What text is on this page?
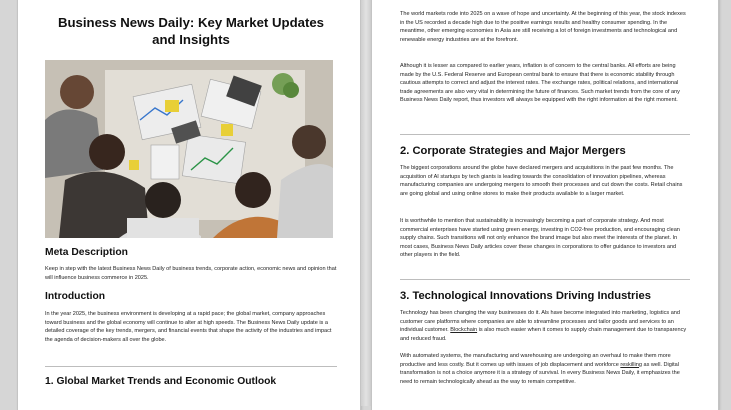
Business News Daily: Key Market Updates and Insights
Meta Description
Keep in step with the latest Business News Daily of business trends, corporate action, economic news and opinion that will influence business commerce in 2025.
Introduction
In the year 2025, the business environment is developing at a rapid pace; the global market, company approaches toward business and the global economy will continue to alter at high speeds. The Business News Daily update is a detailed coverage of the key trends, mergers, and financial events that shape the activity of the industries and impact the agenda of decision-makers all over the globe.
1. Global Market Trends and Economic Outlook
The world markets rode into 2025 on a wave of hope and uncertainty. At the beginning of this year, the stock indexes in the US recorded a decade high due to the positive earnings results and healthy consumer spending. In the meantime, other emerging economies in Asia are still receiving a lot of foreign investments and technological and renewable energy industries are at the forefront.
Although it is lesser as compared to earlier years, inflation is of concern to the central banks. All efforts are being made by the U.S. Federal Reserve and European central bank to ensure that there is economic stability through cautious attempts to correct and adjust the interest rates. The exchange rates, political relations, and international trade agreements are also very vital in determining the future of finances. Such market trends from the core of any Business News Daily report, thus investors will always be equipped with the right information at the right moment.
2. Corporate Strategies and Major Mergers
The biggest corporations around the globe have declared mergers and acquisitions in the past few months. The acquisition of AI startups by tech giants is leading towards the consolidation of innovation pipelines, whereas manufacturing companies are undergoing mergers to smooth their processes and cut down the costs. Retail chains are going global and using online stores to make their products available to a larger market.
It is worthwhile to mention that sustainability is increasingly becoming a part of corporate strategy. And most commercial enterprises have started using green energy, investing in CO2-free production, and encouraging clean supply chains. Such transitions will not only enhance the brand image but also meet the interests of the planet. In most cases, Business News Daily articles cover these changes in corporations to offer guidance to investors and other players in the field.
3. Technological Innovations Driving Industries
Technology has been changing the way businesses do it. Als have become integrated into marketing, logistics and customer care platforms where companies are able to streamline processes and tailor goods and services to an individual customer. Blockchain is also much easier when it comes to supply chain management due to transparency and reduced fraud.
With automated systems, the manufacturing and warehousing are undergoing an overhaul to make them more productive and less costly. But it comes up with issues of job displacement and workforce reskilling as well. Digital transformation is not a choice anymore it is a strategy of survival. In every Business News Daily, it emphasizes the need to remain technologically ahead as the way to remain competitive.
